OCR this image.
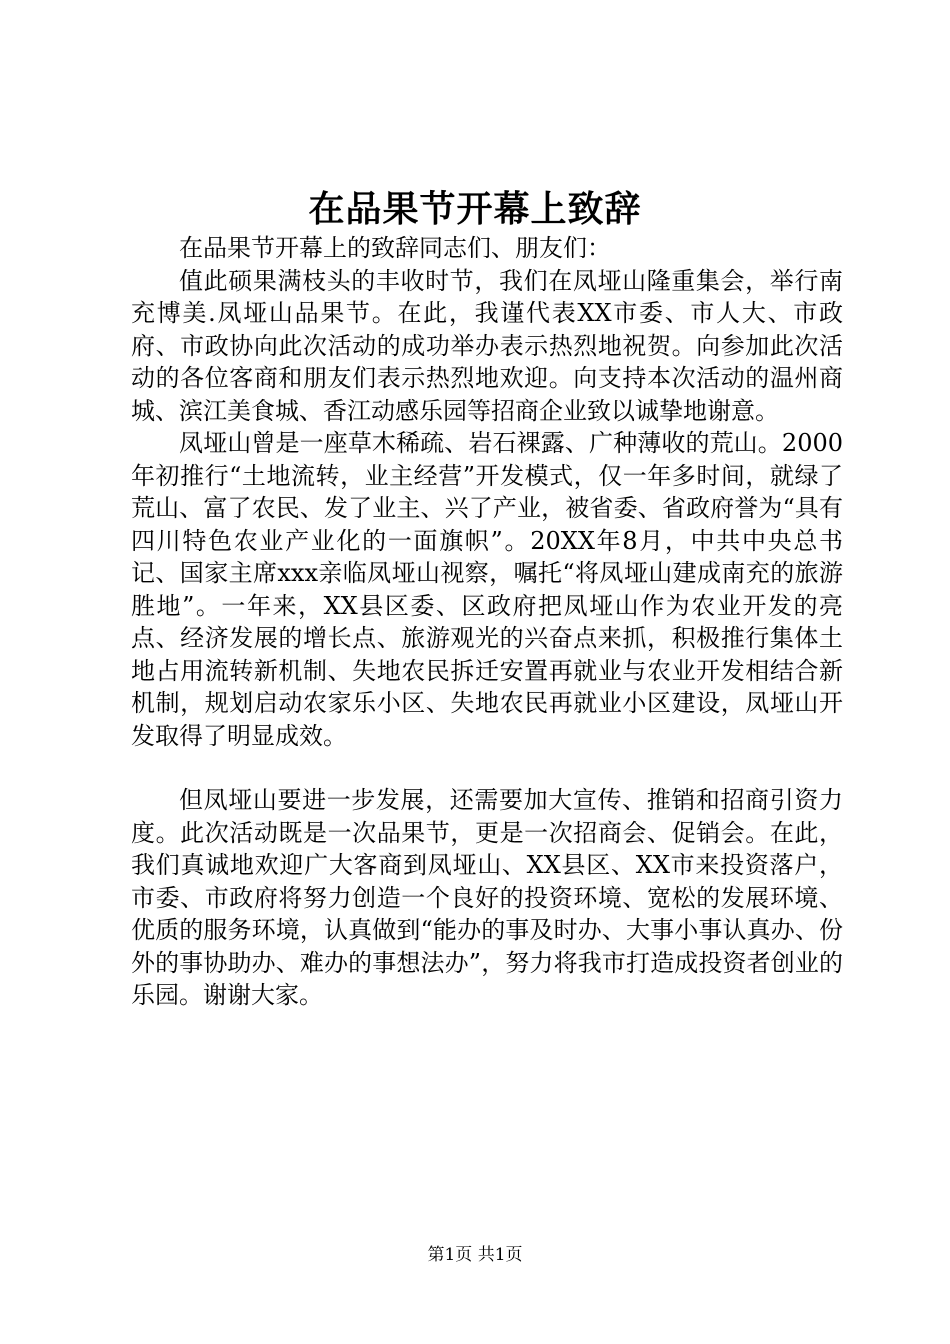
在品果节开幕上致辞

在品果节开幕上的致辞同志们、朋友们：

值此硕果满枝头的丰收时节，我们在凤垭山隆重集会，举行南充博美.凤垭山品果节。在此，我谨代表XX市委、市人大、市政府、市政协向此次活动的成功举办表示热烈地祝贺。向参加此次活动的各位客商和朋友们表示热烈地欢迎。向支持本次活动的温州商城、滨江美食城、香江动感乐园等招商企业致以诚挚地谢意。

凤垭山曾是一座草木稀疏、岩石裸露、广种薄收的荒山。2000年初推行“土地流转，业主经营”开发模式，仅一年多时间，就绿了荒山、富了农民、发了业主、兴了产业，被省委、省政府誉为“具有四川特色农业产业化的一面旗帜”。20XX年8月，中共中央总书记、国家主席xxx亲临凤垭山视察，嘱托“将凤垭山建成南充的旅游胜地”。一年来，XX县区委、区政府把凤垭山作为农业开发的亮点、经济发展的增长点、旅游观光的兴奋点来抓，积极推行集体土地占用流转新机制、失地农民拆迁安置再就业与农业开发相结合新机制，规划启动农家乐小区、失地农民再就业小区建设，凤垭山开发取得了明显成效。

但凤垭山要进一步发展，还需要加大宣传、推销和招商引资力度。此次活动既是一次品果节，更是一次招商会、促销会。在此，我们真诚地欢迎广大客商到凤垭山、XX县区、XX市来投资落户，市委、市政府将努力创造一个良好的投资环境、宽松的发展环境、优质的服务环境，认真做到“能办的事及时办、大事小事认真办、份外的事协助办、难办的事想法办”，努力将我市打造成投资者创业的乐园。谢谢大家。

第1页 共1页
